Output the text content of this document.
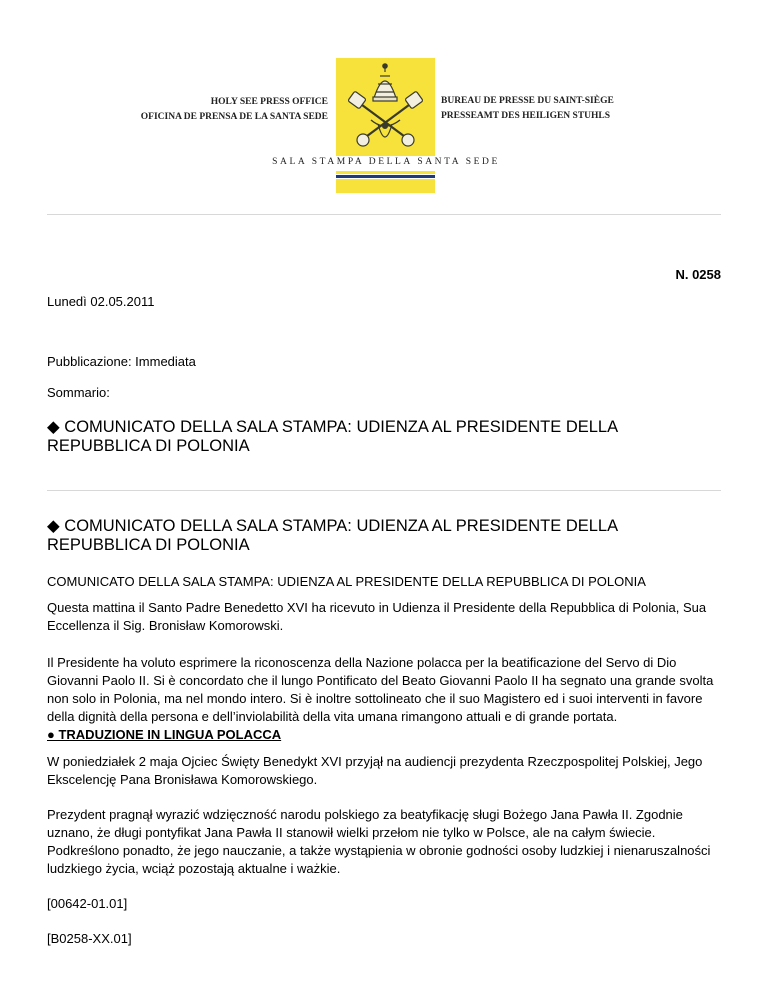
HOLY SEE PRESS OFFICE
OFICINA DE PRENSA DE LA SANTA SEDE
BUREAU DE PRESSE DU SAINT-SIÈGE
PRESSEAMT DES HEILIGEN STUHLS
SALA STAMPA DELLA SANTA SEDE
N. 0258
Lunedì 02.05.2011
Pubblicazione: Immediata
Sommario:
◆ COMUNICATO DELLA SALA STAMPA: UDIENZA AL PRESIDENTE DELLA REPUBBLICA DI POLONIA
◆ COMUNICATO DELLA SALA STAMPA: UDIENZA AL PRESIDENTE DELLA REPUBBLICA DI POLONIA
COMUNICATO DELLA SALA STAMPA: UDIENZA AL PRESIDENTE DELLA REPUBBLICA DI POLONIA
Questa mattina il Santo Padre Benedetto XVI ha ricevuto in Udienza il Presidente della Repubblica di Polonia, Sua Eccellenza il Sig. Bronisław Komorowski.
Il Presidente ha voluto esprimere la riconoscenza della Nazione polacca per la beatificazione del Servo di Dio Giovanni Paolo II. Si è concordato che il lungo Pontificato del Beato Giovanni Paolo II ha segnato una grande svolta non solo in Polonia, ma nel mondo intero. Si è inoltre sottolineato che il suo Magistero ed i suoi interventi in favore della dignità della persona e dell’inviolabilità della vita umana rimangono attuali e di grande portata.
● TRADUZIONE IN LINGUA POLACCA
W poniedziałek 2 maja Ojciec Święty Benedykt XVI przyjął na audiencji prezydenta Rzeczpospolitej Polskiej, Jego Ekscelencję Pana Bronisława Komorowskiego.
Prezydent pragnął wyrazić wdzięczność narodu polskiego za beatyfikację sługi Bożego Jana Pawła II. Zgodnie uznano, że długi pontyfikat Jana Pawła II stanowił wielki przełom nie tylko w Polsce, ale na całym świecie. Podkreślono ponadto, że jego nauczanie, a także wystąpienia w obronie godności osoby ludzkiej i nienaruszalności ludzkiego życia, wciąż pozostają aktualne i ważkie.
[00642-01.01]
[B0258-XX.01]
